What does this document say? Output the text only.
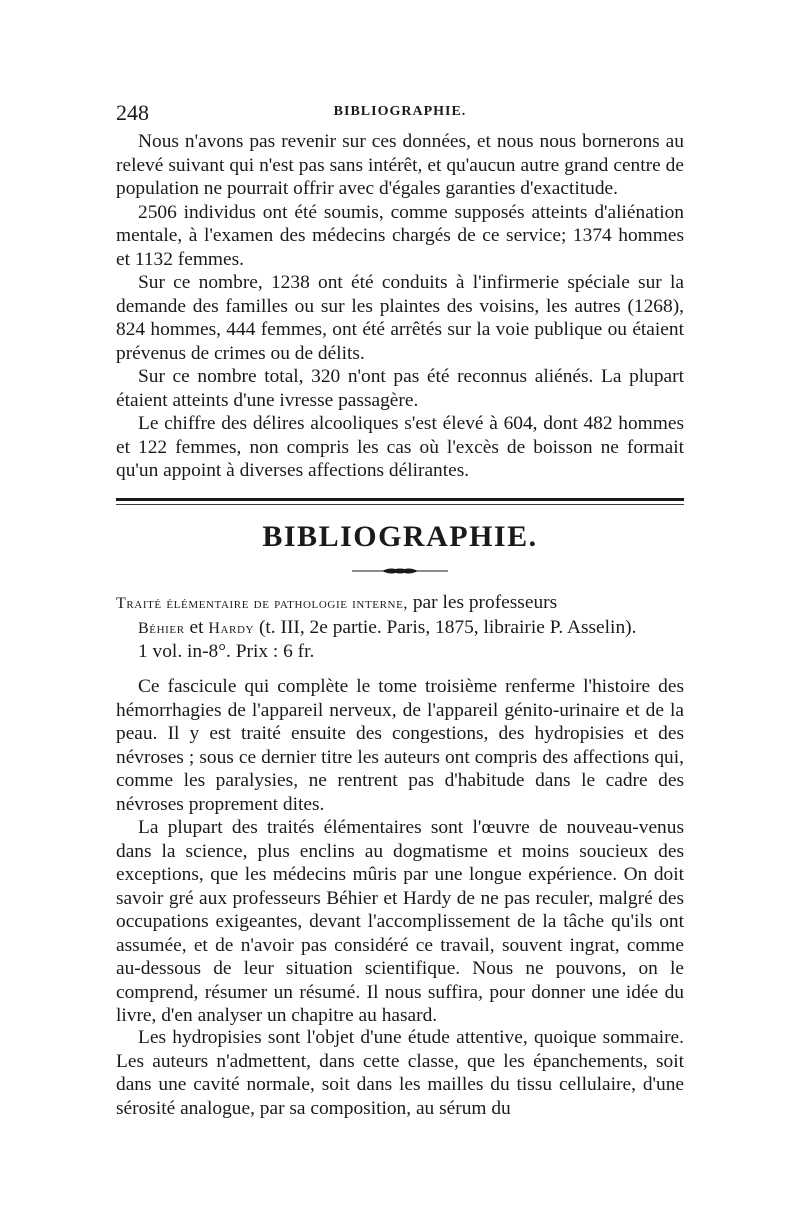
248	BIBLIOGRAPHIE.

Nous n'avons pas revenir sur ces données, et nous nous bornerons au relevé suivant qui n'est pas sans intérêt, et qu'aucun autre grand centre de population ne pourrait offrir avec d'égales garanties d'exactitude.

2506 individus ont été soumis, comme supposés atteints d'aliénation mentale, à l'examen des médecins chargés de ce service; 1374 hommes et 1132 femmes.

Sur ce nombre, 1238 ont été conduits à l'infirmerie spéciale sur la demande des familles ou sur les plaintes des voisins, les autres (1268), 824 hommes, 444 femmes, ont été arrêtés sur la voie publique ou étaient prévenus de crimes ou de délits.

Sur ce nombre total, 320 n'ont pas été reconnus aliénés. La plupart étaient atteints d'une ivresse passagère.

Le chiffre des délires alcooliques s'est élevé à 604, dont 482 hommes et 122 femmes, non compris les cas où l'excès de boisson ne formait qu'un appoint à diverses affections délirantes.

BIBLIOGRAPHIE.
Traité élémentaire de pathologie interne, par les professeurs
Béhier et Hardy (t. III, 2e partie. Paris, 1875, librairie P. Asselin).
1 vol. in-8°. Prix : 6 fr.

Ce fascicule qui complète le tome troisième renferme l'histoire des hémorrhagies de l'appareil nerveux, de l'appareil génito-urinaire et de la peau. Il y est traité ensuite des congestions, des hydropisies et des névroses ; sous ce dernier titre les auteurs ont compris des affections qui, comme les paralysies, ne rentrent pas d'habitude dans le cadre des névroses proprement dites.

La plupart des traités élémentaires sont l'œuvre de nouveau-venus dans la science, plus enclins au dogmatisme et moins soucieux des exceptions, que les médecins mûris par une longue expérience. On doit savoir gré aux professeurs Béhier et Hardy de ne pas reculer, malgré des occupations exigeantes, devant l'accomplissement de la tâche qu'ils ont assumée, et de n'avoir pas considéré ce travail, souvent ingrat, comme au-dessous de leur situation scientifique. Nous ne pouvons, on le comprend, résumer un résumé. Il nous suffira, pour donner une idée du livre, d'en analyser un chapitre au hasard.

Les hydropisies sont l'objet d'une étude attentive, quoique sommaire. Les auteurs n'admettent, dans cette classe, que les épanchements, soit dans une cavité normale, soit dans les mailles du tissu cellulaire, d'une sérosité analogue, par sa composition, au sérum du
